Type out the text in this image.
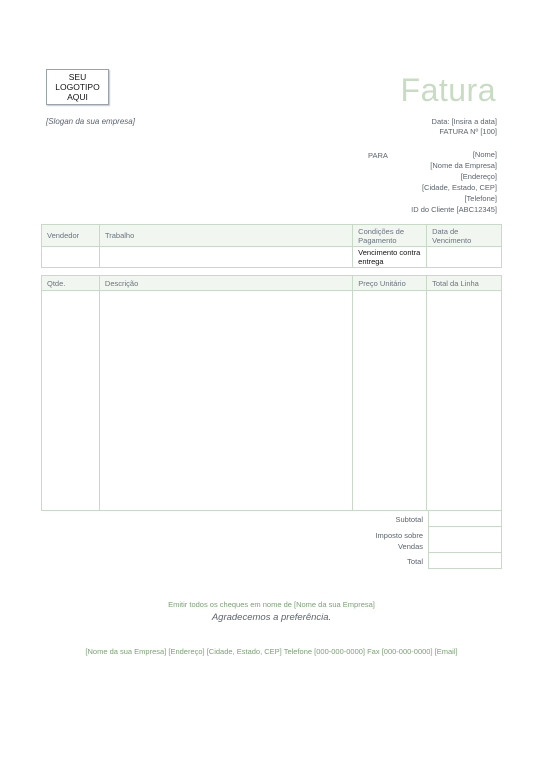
SEU LOGOTIPO
AQUI	Fatura
[Slogan da sua empresa]	Data: [Insira a data]
FATURA Nº [100]
PARA	[Nome]
[Nome da Empresa]
[Endereço]
[Cidade, Estado, CEP]
[Telefone]
ID do Cliente [ABC12345]
Vendedor	Trabalho	Condições de Pagamento	Data de Vencimento
		Vencimento contra entrega	
Qtde.	Descrição	Preço Unitário	Total da Linha

Subtotal
Imposto sobre Vendas
Total
Emitir todos os cheques em nome de [Nome da sua Empresa]
Agradecemos a preferência.
[Nome da sua Empresa] [Endereço] [Cidade, Estado, CEP] Telefone [000-000-0000] Fax [000-000-0000] [Email]
